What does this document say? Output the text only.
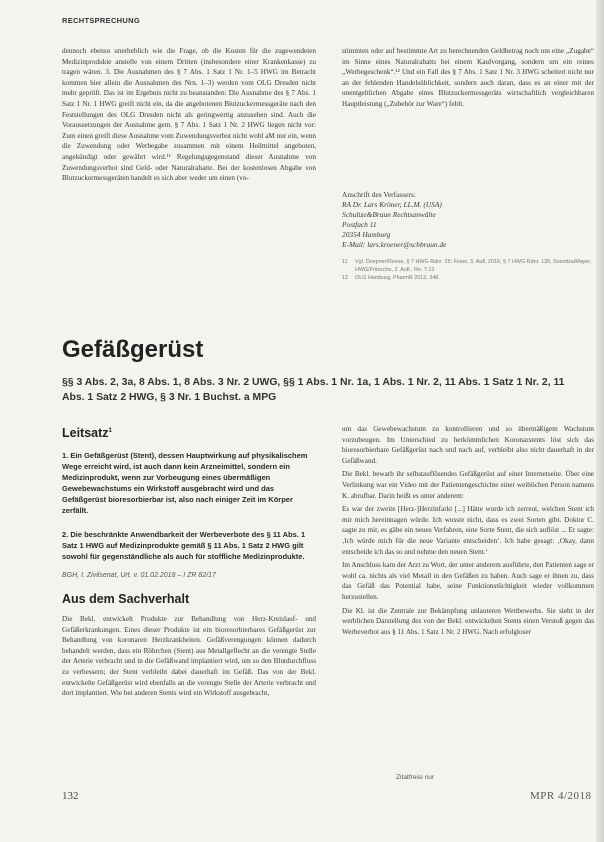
RECHTSPRECHUNG

dennoch ebenso unerheblich wie die Frage, ob die Kosten für die zugewendeten Medizinprodukte anstelle von einem Dritten (insbesondere einer Krankenkasse) zu tragen wären. 3. Die Ausnahmen des § 7 Abs. 1 Satz 1 Nr. 1–5 HWG im Betracht kommen hier allein die Ausnahmen des Nrn. 1–3) werden vom OLG Dresden nicht mehr geprüft. Das ist im Ergebnis nicht zu beanstanden: Die Ausnahme des § 7 Abs. 1 Satz 1 Nr. 1 HWG greift nicht ein, da die angebotenen Blutzuckermessgeräte nach den Feststellungen des OLG Dresden nicht als geringwertig anzusehen sind. Auch die Voraussetzungen der Ausnahme gem. § 7 Abs. 1 Satz 1 Nr. 2 HWG liegen nicht vor: Zum einen greift diese Ausnahme vom Zuwendungsverbot nicht wohl aM nur ein, wenn die Zuwendung oder Werbegabe zusammen mit einem Heilmittel angeboten, angekündigt oder gewährt wird.¹¹ Regelungsgegenstand dieser Ausnahme von Zuwendungsverbot sind Geld- oder Naturalrabatte. Bei der kostenlosen Abgabe von Blutzuckermessgeräten handelt es sich aber weder um einen (vo-

stimmten oder auf bestimmte Art zu berechnenden Geldbetrag noch um eine „Zugabe“ im Sinne eines Naturalrabatts bei einem Kaufvorgang, sondern um ein reines „Werbegeschenk“.¹² Und ein Fall des § 7 Abs. 1 Satz 1 Nr. 3 HWG scheitert nicht nur an der fehlenden Handelsüblichkeit, sondern auch daran, dass es an einer mit der unentgeltlichen Abgabe eines Blutzuckermessgeräts wirtschaftlich vergleichbaren Hauptleistung („Zubehör zur Ware“) fehlt.

Anschrift des Verfassers:
RA Dr. Lars Kröner, LL.M. (USA)
Schultze&Braun Rechtsanwälte
Postfach 11
20354 Hamburg
E-Mail: lars.kroener@schbraun.de
11	Vgl. Doepner/Reese, § 7 HWG Rdnr. 25; Fezer, 3. Aufl. 2016, § 7 HWG Rdnr. 126; Sosnitza/Mayer, HWG/Fritzsche, 2. Aufl., Rn. 7.13
12	OLG Hamburg, PharmR 2013, 348.
Gefäßgerüst
§§ 3 Abs. 2, 3a, 8 Abs. 1, 8 Abs. 3 Nr. 2 UWG, §§ 1 Abs. 1 Nr. 1a, 1 Abs. 1 Nr. 2, 11 Abs. 1 Satz 1 Nr. 2, 11 Abs. 1 Satz 2 HWG, § 3 Nr. 1 Buchst. a MPG
Leitsatz$^1$
1. Ein Gefäßgerüst (Stent), dessen Hauptwirkung auf physikalischem Wege erreicht wird, ist auch dann kein Arzneimittel, sondern ein Medizinprodukt, wenn zur Vorbeugung eines übermäßigen Gewebewachstums ein Wirkstoff ausgebracht wird und das Gefäßgerüst bioresorbierbar ist, also nach einiger Zeit im Körper zerfällt.
2. Die beschränkte Anwendbarkeit der Werbeverbote des § 11 Abs. 1 Satz 1 HWG auf Medizinprodukte gemäß § 11 Abs. 1 Satz 2 HWG gilt sowohl für gegenständliche als auch für stoffliche Medizinprodukte.
BGH, I. Zivilsenat, Urt. v. 01.02.2018 – I ZR 82/17
Aus dem Sachverhalt

Die Bekl. entwickelt Produkte zur Behandlung von Herz-Kreislauf- und Gefäßerkrankungen. Eines dieser Produkte ist ein bioresorbierbares Gefäßgerüst zur Behandlung von koronaren Herzkrankheiten. Gefäßverengungen können dadurch behandelt werden, dass ein Röhrchen (Stent) aus Metallgeflecht an die verengte Stelle der Arterie verbracht und in die Gefäßwand implantiert wird, um so den Blutdurchfluss zu verbessern; der Stent verbleibt dabei dauerhaft im Gefäß. Das von der Bekl. entwickelte Gefäßgerüst wird ebenfalls an die verengte Stelle der Arterie verbracht und dort implantiert. Wie bei anderen Stents wird ein Wirkstoff ausgebracht,

um das Gewebewachstum zu kontrollieren und so übermäßigem Wachstum vorzubeugen. Im Unterschied zu herkömmlichen Koronarstents löst sich das bioresorbierbare Gefäßgerüst nach und nach auf, verbleibt also nicht dauerhaft in der Gefäßwand.

Die Bekl. bewarb ihr selbstauflösendes Gefäßgerüst auf einer Internetseite. Über eine Verlinkung war ein Video mit der Patientengeschichte einer weiblichen Person namens K. abrufbar. Darin heißt es unter anderem:

Es war der zweite [Herz-]Herzinfarkt [...] Hätte wurde ich zerreut, welchen Stent ich mir mich hereinnagen würde. Ich wusste nicht, dass es zwei Sorten gibt. Doktor C. sagte zu mir, es gäbe ein neues Verfahren, eine Sorte Stent, die sich auflöst ... Er sagte: ‚Ich würde mich für die neue Variante entscheiden‘. Ich habe gesagt: ‚Okay, dann entscheide ich das so und nehme den neuen Stent.‘

Im Anschluss kam der Arzt zu Wort, der unter anderem ausführte, den Patienten sage er wohl ca. nichts als viel Metall in den Gefäßen zu haben. Auch sage er ihnen zu, dass das Gefäß das Potential habe, seine Funktionstüchtigkeit wieder vollkommen herzustellen.

Die Kl. ist die Zentrale zur Bekämpfung unlauteren Wettbewerbs. Sie sieht in der werblichen Darstellung des von der Bekl. entwickelten Stents einen Verstoß gegen das Werbeverbot aus § 11 Abs. 1 Satz 1 Nr. 2 HWG. Nach erfolgloser

Zitatfreisi nur
132	MPR 4/2018
